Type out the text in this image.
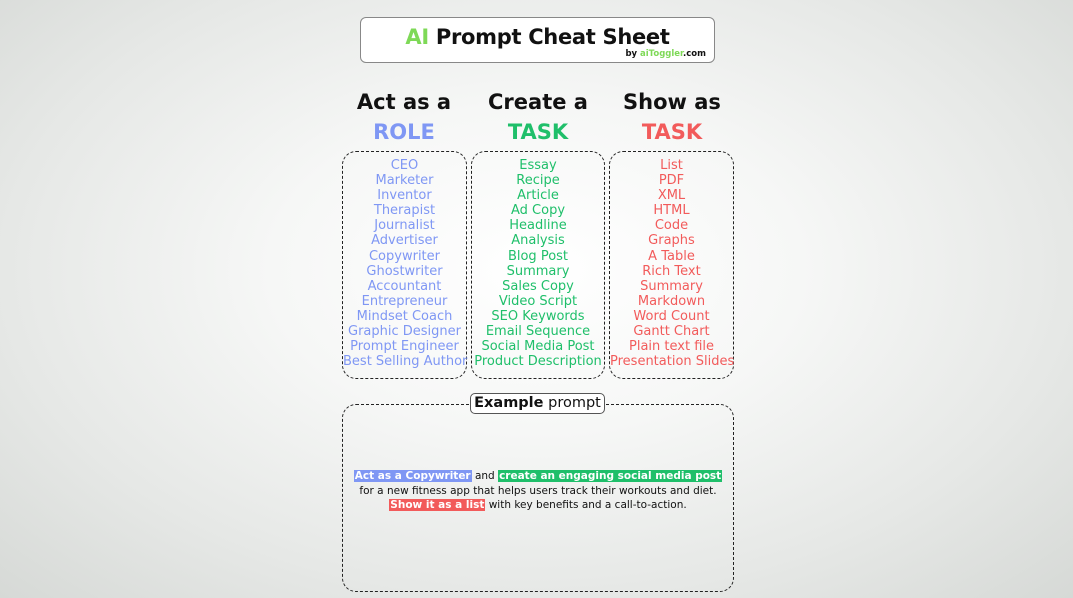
AI Prompt Cheat Sheet
by aiToggler.com
Act as a
ROLE
Create a
TASK
Show as
TASK
CEO
Marketer
Inventor
Therapist
Journalist
Advertiser
Copywriter
Ghostwriter
Accountant
Entrepreneur
Mindset Coach
Graphic Designer
Prompt Engineer
Best Selling Author
Essay
Recipe
Article
Ad Copy
Headline
Analysis
Blog Post
Summary
Sales Copy
Video Script
SEO Keywords
Email Sequence
Social Media Post
Product Description
List
PDF
XML
HTML
Code
Graphs
A Table
Rich Text
Summary
Markdown
Word Count
Gantt Chart
Plain text file
Presentation Slides
Example prompt
Act as a Copywriter and create an engaging social media post for a new fitness app that helps users track their workouts and diet. Show it as a list with key benefits and a call-to-action.
